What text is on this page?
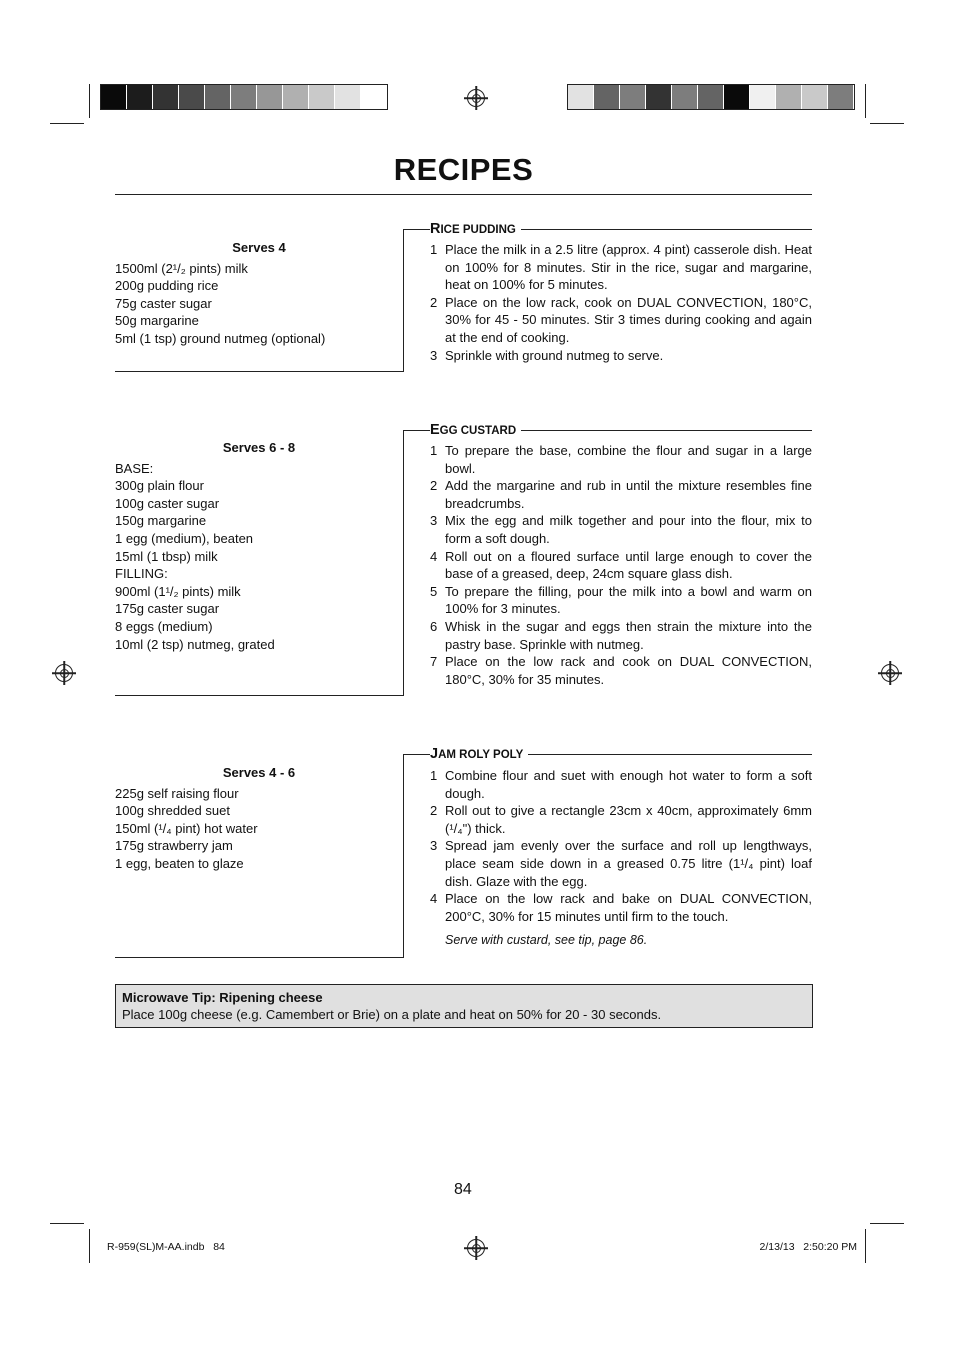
RECIPES
RICE PUDDING
Serves 4
1500ml (2¹/₂ pints) milk
200g pudding rice
75g caster sugar
50g margarine
5ml (1 tsp) ground nutmeg (optional)
1 Place the milk in a 2.5 litre (approx. 4 pint) casserole dish. Heat on 100% for 8 minutes. Stir in the rice, sugar and margarine, heat on 100% for 5 minutes.
2 Place on the low rack, cook on DUAL CONVECTION, 180°C, 30% for 45 - 50 minutes. Stir 3 times during cooking and again at the end of cooking.
3 Sprinkle with ground nutmeg to serve.
EGG CUSTARD
Serves 6 - 8
BASE:
300g plain flour
100g caster sugar
150g margarine
1 egg (medium), beaten
15ml (1 tbsp) milk
FILLING:
900ml (1¹/₂ pints) milk
175g caster sugar
8 eggs (medium)
10ml (2 tsp) nutmeg, grated
1 To prepare the base, combine the flour and sugar in a large bowl.
2 Add the margarine and rub in until the mixture resembles fine breadcrumbs.
3 Mix the egg and milk together and pour into the flour, mix to form a soft dough.
4 Roll out on a floured surface until large enough to cover the base of a greased, deep, 24cm square glass dish.
5 To prepare the filling, pour the milk into a bowl and warm on 100% for 3 minutes.
6 Whisk in the sugar and eggs then strain the mixture into the pastry base. Sprinkle with nutmeg.
7 Place on the low rack and cook on DUAL CONVECTION, 180°C, 30% for 35 minutes.
JAM ROLY POLY
Serves 4 - 6
225g self raising flour
100g shredded suet
150ml (¹/₄ pint) hot water
175g strawberry jam
1 egg, beaten to glaze
1 Combine flour and suet with enough hot water to form a soft dough.
2 Roll out to give a rectangle 23cm x 40cm, approximately 6mm (¹/₄") thick.
3 Spread jam evenly over the surface and roll up lengthways, place seam side down in a greased 0.75 litre (1¹/₄ pint) loaf dish. Glaze with the egg.
4 Place on the low rack and bake on DUAL CONVECTION, 200°C, 30% for 15 minutes until firm to the touch.
Serve with custard, see tip, page 86.
Microwave Tip: Ripening cheese
Place 100g cheese (e.g. Camembert or Brie) on a plate and heat on 50% for 20 - 30 seconds.
84
R-959(SL)M-AA.indb   84	2/13/13   2:50:20 PM
